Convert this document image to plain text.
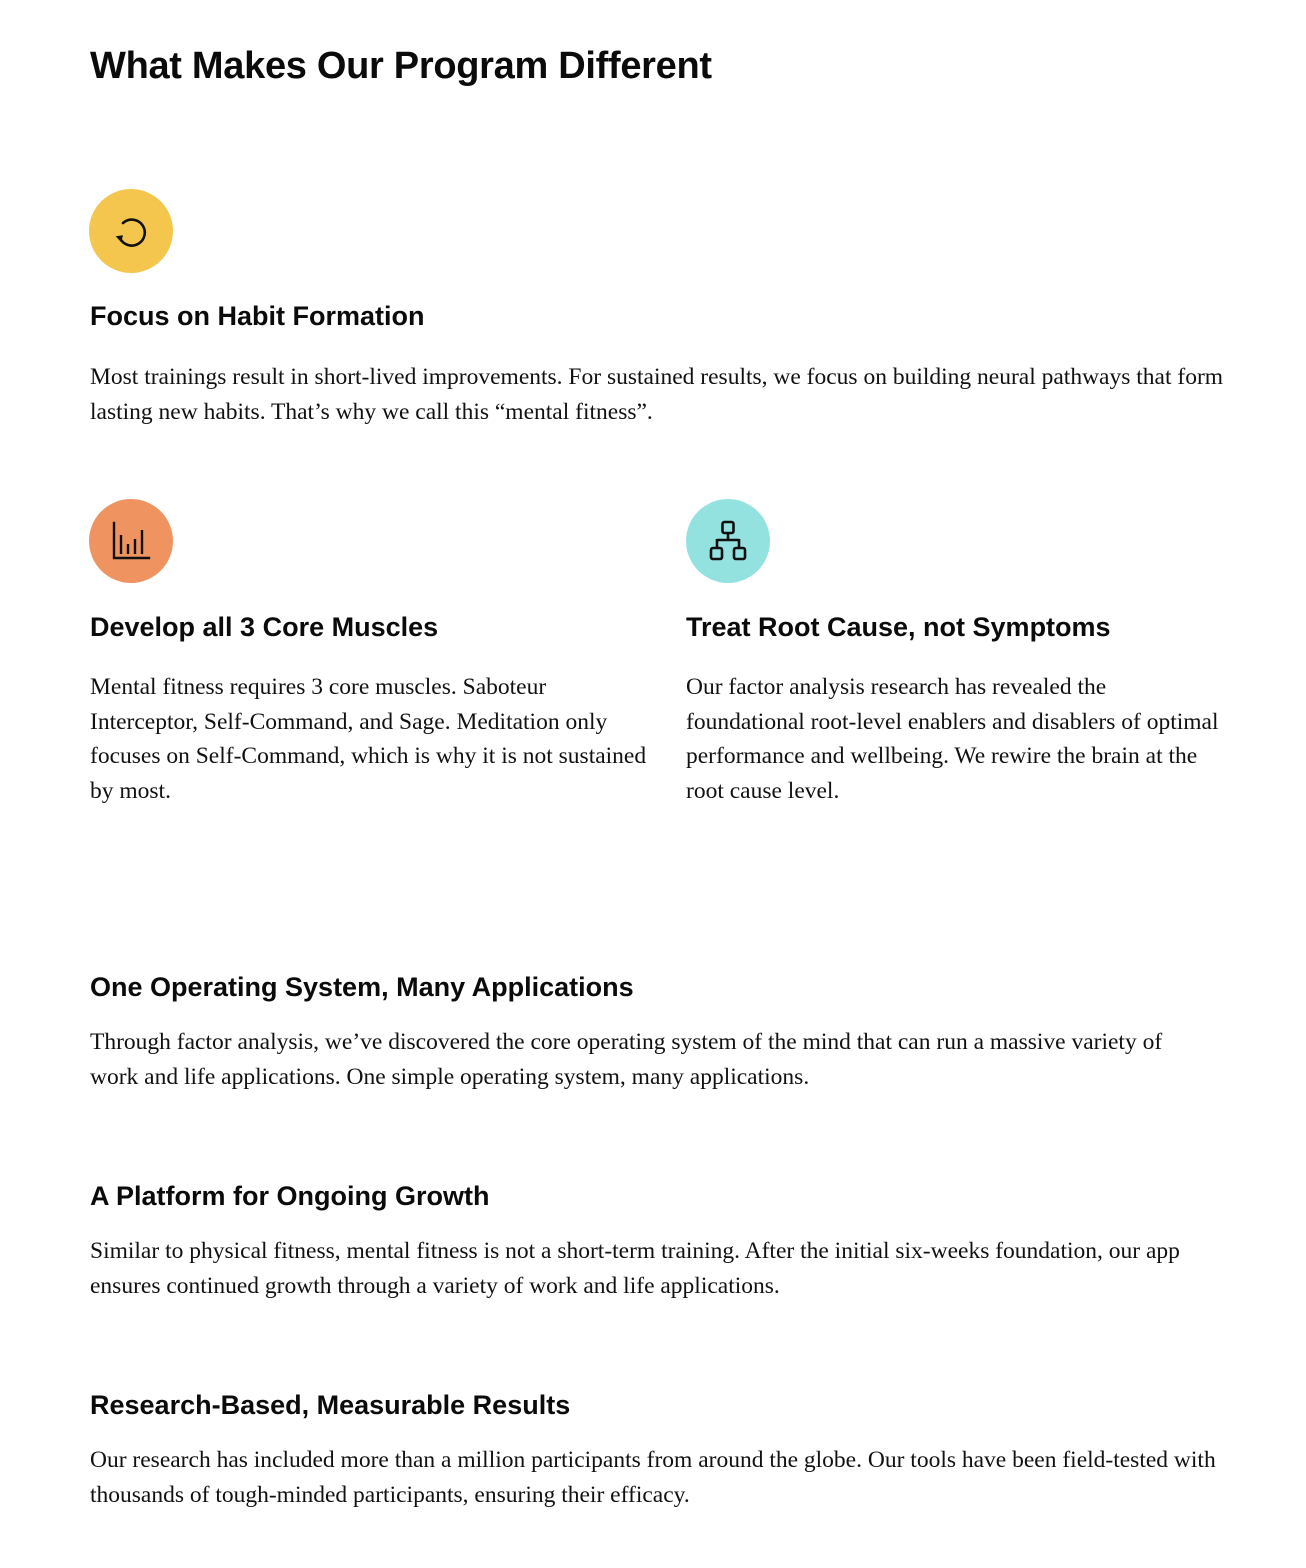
What Makes Our Program Different
Focus on Habit Formation

Most trainings result in short-lived improvements. For sustained results, we focus on building neural pathways that form lasting new habits. That’s why we call this “mental fitness”.

Develop all 3 Core Muscles

Mental fitness requires 3 core muscles. Saboteur Interceptor, Self-Command, and Sage. Meditation only focuses on Self-Command, which is why it is not sustained by most.

Treat Root Cause, not Symptoms

Our factor analysis research has revealed the foundational root-level enablers and disablers of optimal performance and wellbeing. We rewire the brain at the root cause level.

One Operating System, Many Applications

Through factor analysis, we’ve discovered the core operating system of the mind that can run a massive variety of work and life applications. One simple operating system, many applications.

A Platform for Ongoing Growth

Similar to physical fitness, mental fitness is not a short-term training. After the initial six-weeks foundation, our app ensures continued growth through a variety of work and life applications.

Research-Based, Measurable Results

Our research has included more than a million participants from around the globe. Our tools have been field-tested with thousands of tough-minded participants, ensuring their efficacy.
